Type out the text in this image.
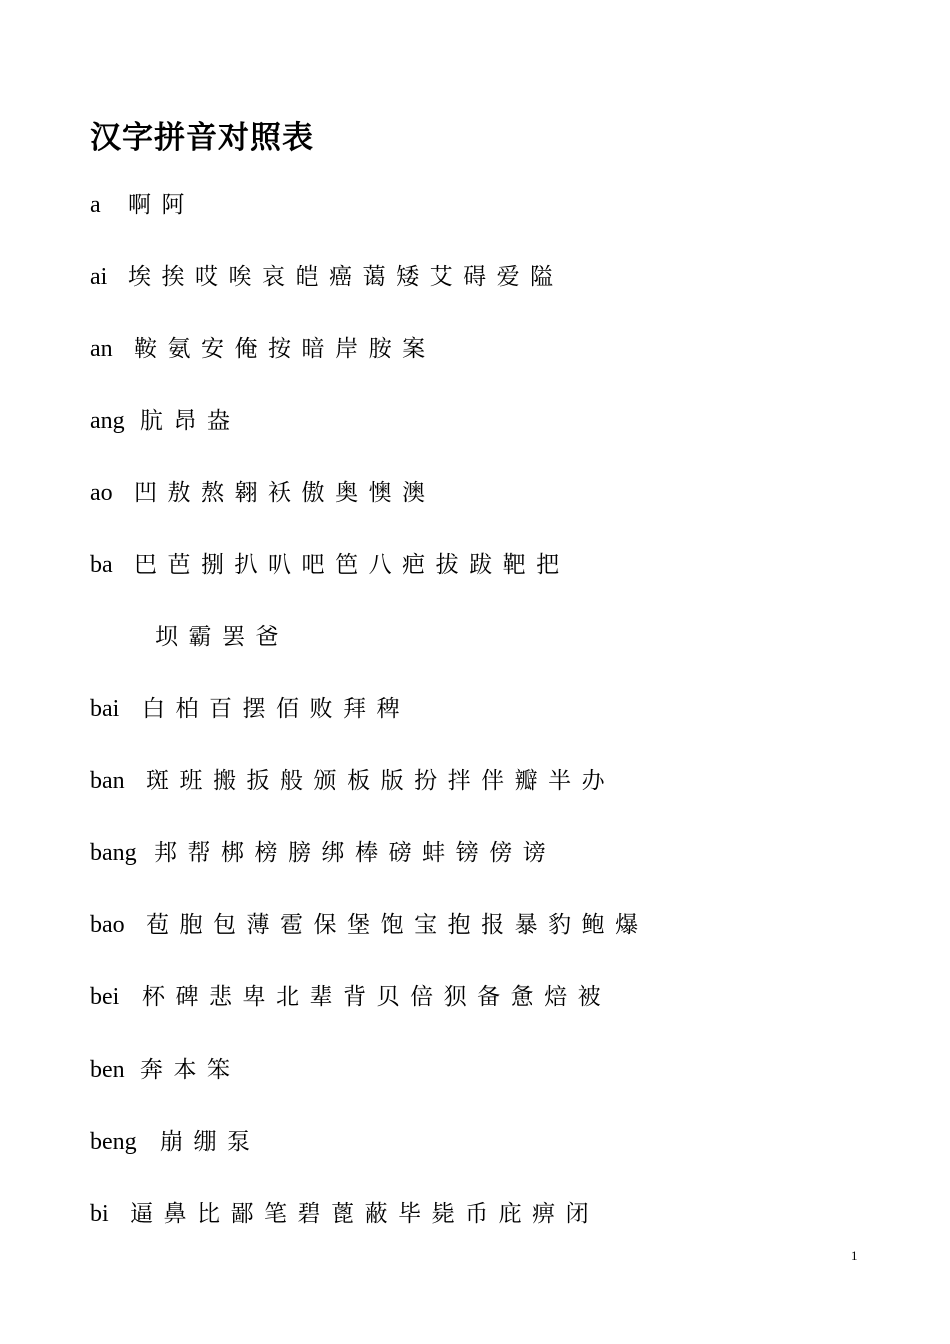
汉字拼音对照表
a 啊 阿
ai 埃 挨 哎 唉 哀 皑 癌 蔼 矮 艾 碍 爱 隘
an 鞍 氨 安 俺 按 暗 岸 胺 案
ang 肮 昂 盎
ao 凹 敖 熬 翱 袄 傲 奥 懊 澳
ba 巴 芭 捌 扒 叭 吧 笆 八 疤 拔 跋 靶 把
坝 霸 罢 爸
bai 白 柏 百 摆 佰 败 拜 稗
ban 斑 班 搬 扳 般 颁 板 版 扮 拌 伴 瓣 半 办
bang 邦 帮 梆 榜 膀 绑 棒 磅 蚌 镑 傍 谤
bao 苞 胞 包 薄 雹 保 堡 饱 宝 抱 报 暴 豹 鲍 爆
bei 杯 碑 悲 卑 北 辈 背 贝 倍 狈 备 惫 焙 被
ben 奔 本 笨
beng 崩 绷 泵
bi 逼 鼻 比 鄙 笔 碧 蓖 蔽 毕 毙 币 庇 痹 闭
1
